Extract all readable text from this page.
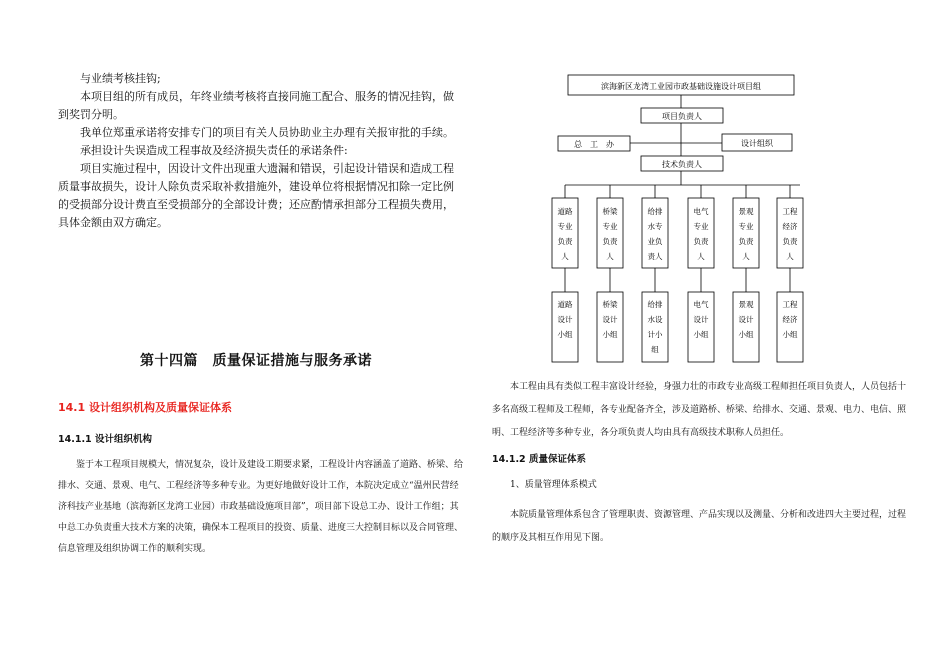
与业绩考核挂钩;

本项目组的所有成员，年终业绩考核将直接同施工配合、服务的情况挂钩，做到奖罚分明。

我单位郑重承诺将安排专门的项目有关人员协助业主办理有关报审批的手续。

承担设计失误造成工程事故及经济损失责任的承诺条件:

项目实施过程中，因设计文件出现重大遗漏和错误，引起设计错误和造成工程质量事故损失，设计人除负责采取补救措施外，建设单位将根据情况扣除一定比例的受损部分设计费直至受损部分的全部设计费；还应酌情承担部分工程损失费用，具体金额由双方确定。

第十四篇　质量保证措施与服务承诺
14.1 设计组织机构及质量保证体系
14.1.1 设计组织机构

鉴于本工程项目规模大，情况复杂，设计及建设工期要求紧，工程设计内容涵盖了道路、桥梁、给排水、交通、景观、电气、工程经济等多种专业。为更好地做好设计工作，本院决定成立“温州民营经济科技产业基地（滨海新区龙湾工业园）市政基础设施项目部”，项目部下设总工办、设计工作组；其中总工办负责重大技术方案的决策，确保本工程项目的投资、质量、进度三大控制目标以及合同管理、信息管理及组织协调工作的顺利实现。

滨海新区龙湾工业园市政基础设施设计项目组
项目负责人
总　工　办	设计组织
技术负责人
道路
专业
负责
人
道路
设计
小组
桥梁
专业
负责
人
桥梁
设计
小组
给排
水专
业负
责人
给排
水设
计小
组
电气
专业
负责
人
电气
设计
小组
景观
专业
负责
人
景观
设计
小组
工程
经济
负责
人
工程
经济
小组

本工程由具有类似工程丰富设计经验，身强力壮的市政专业高级工程师担任项目负责人，人员包括十多名高级工程师及工程师，各专业配备齐全，涉及道路桥、桥梁、给排水、交通、景观、电力、电信、照明、工程经济等多种专业，各分项负责人均由具有高级技术职称人员担任。

14.1.2 质量保证体系

1、质量管理体系模式

本院质量管理体系包含了管理职责、资源管理、产品实现以及测量、分析和改进四大主要过程，过程的顺序及其相互作用见下图。
